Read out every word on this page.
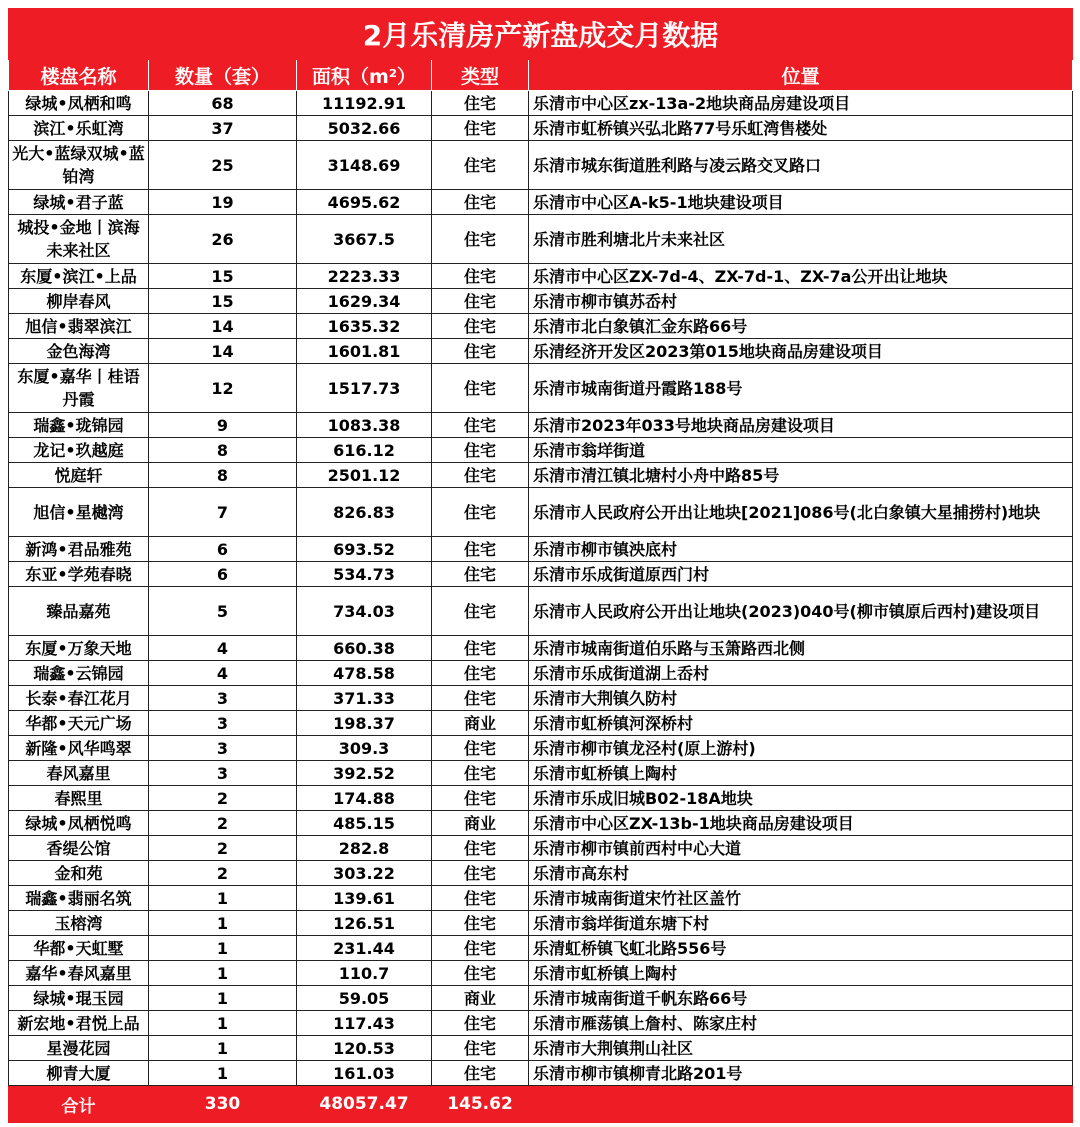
2月乐清房产新盘成交月数据				
楼盘名称	数量（套）	面积（m²）	类型	位置
绿城•凤栖和鸣	68	11192.91	住宅	乐清市中心区zx-13a-2地块商品房建设项目
滨江•乐虹湾	37	5032.66	住宅	乐清市虹桥镇兴弘北路77号乐虹湾售楼处
光大•蓝绿双城•蓝铂湾	25	3148.69	住宅	乐清市城东街道胜利路与凌云路交叉路口
绿城•君子蓝	19	4695.62	住宅	乐清市中心区A-k5-1地块建设项目
城投•金地丨滨海未来社区	26	3667.5	住宅	乐清市胜利塘北片未来社区
东厦•滨江•上品	15	2223.33	住宅	乐清市中心区ZX-7d-4、ZX-7d-1、ZX-7a公开出让地块
柳岸春风	15	1629.34	住宅	乐清市柳市镇苏岙村
旭信•翡翠滨江	14	1635.32	住宅	乐清市北白象镇汇金东路66号
金色海湾	14	1601.81	住宅	乐清经济开发区2023第015地块商品房建设项目
东厦•嘉华丨桂语丹霞	12	1517.73	住宅	乐清市城南街道丹霞路188号
瑞鑫•珑锦园	9	1083.38	住宅	乐清市2023年033号地块商品房建设项目
龙记•玖越庭	8	616.12	住宅	乐清市翁垟街道
悦庭轩	8	2501.12	住宅	乐清市清江镇北塘村小舟中路85号
旭信•星樾湾	7	826.83	住宅	乐清市人民政府公开出让地块[2021]086号(北白象镇大星捕捞村)地块
新鸿•君品雅苑	6	693.52	住宅	乐清市柳市镇泱底村
东亚•学苑春晓	6	534.73	住宅	乐清市乐成街道原西门村
臻品嘉苑	5	734.03	住宅	乐清市人民政府公开出让地块(2023)040号(柳市镇原后西村)建设项目
东厦•万象天地	4	660.38	住宅	乐清市城南街道伯乐路与玉箫路西北侧
瑞鑫•云锦园	4	478.58	住宅	乐清市乐成街道湖上岙村
长泰•春江花月	3	371.33	住宅	乐清市大荆镇久防村
华都•天元广场	3	198.37	商业	乐清市虹桥镇河深桥村
新隆•风华鸣翠	3	309.3	住宅	乐清市柳市镇龙泾村(原上游村)
春风嘉里	3	392.52	住宅	乐清市虹桥镇上陶村
春熙里	2	174.88	住宅	乐清市乐成旧城B02-18A地块
绿城•凤栖悦鸣	2	485.15	商业	乐清市中心区ZX-13b-1地块商品房建设项目
香缇公馆	2	282.8	住宅	乐清市柳市镇前西村中心大道
金和苑	2	303.22	住宅	乐清市高东村
瑞鑫•翡丽名筑	1	139.61	住宅	乐清市城南街道宋竹社区盖竹
玉榕湾	1	126.51	住宅	乐清市翁垟街道东塘下村
华都•天虹墅	1	231.44	住宅	乐清虹桥镇飞虹北路556号
嘉华•春风嘉里	1	110.7	住宅	乐清市虹桥镇上陶村
绿城•琨玉园	1	59.05	商业	乐清市城南街道千帆东路66号
新宏地•君悦上品	1	117.43	住宅	乐清市雁荡镇上詹村、陈家庄村
星漫花园	1	120.53	住宅	乐清市大荆镇荆山社区
柳青大厦	1	161.03	住宅	乐清市柳市镇柳青北路201号
合计	330	48057.47	145.62	
